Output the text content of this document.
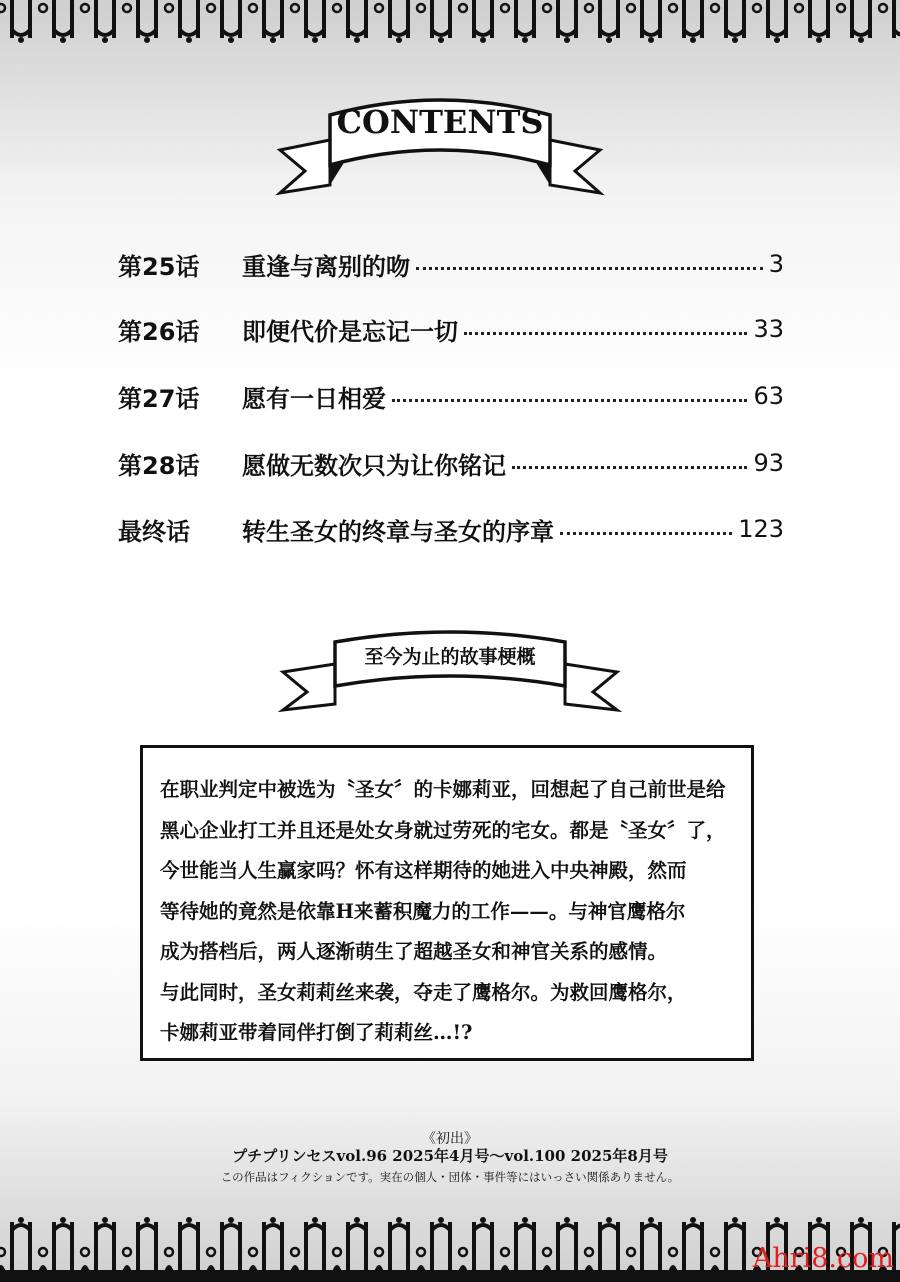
CONTENTS
第25话	重逢与离别的吻	3
第26话	即便代价是忘记一切	33
第27话	愿有一日相爱	63
第28话	愿做无数次只为让你铭记	93
最终话	转生圣女的终章与圣女的序章	123
至今为止的故事梗概

在职业判定中被选为〝圣女〞的卡娜莉亚，回想起了自己前世是给

黑心企业打工并且还是处女身就过劳死的宅女。都是〝圣女〞了，

今世能当人生赢家吗？怀有这样期待的她进入中央神殿，然而

等待她的竟然是依靠H来蓄积魔力的工作——。与神官鹰格尔

成为搭档后，两人逐渐萌生了超越圣女和神官关系的感情。

与此同时，圣女莉莉丝来袭，夺走了鹰格尔。为救回鹰格尔，

卡娜莉亚带着同伴打倒了莉莉丝…!?

《初出》
プチプリンセスvol.96 2025年4月号～vol.100 2025年8月号
この作品はフィクションです。実在の個人・団体・事件等にはいっさい関係ありません。
Ahri8.com
